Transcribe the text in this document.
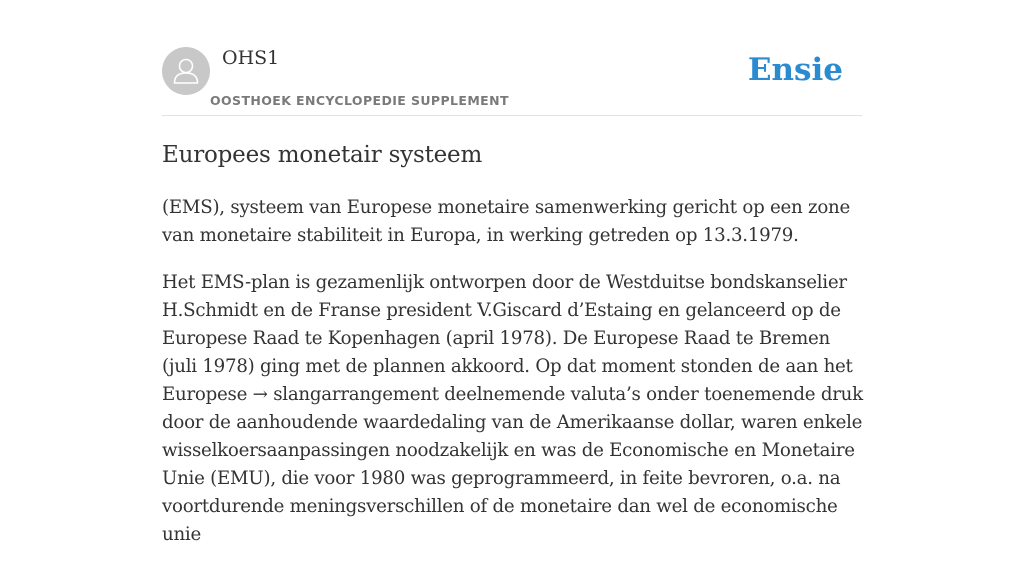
OHS1
OOSTHOEK ENCYCLOPEDIE SUPPLEMENT
Ensie
Europees monetair systeem

(EMS), systeem van Europese monetaire samenwerking gericht op een zone van monetaire stabiliteit in Europa, in werking getreden op 13.3.1979.

Het EMS-plan is gezamenlijk ontworpen door de Westduitse bondskanselier H.Schmidt en de Franse president V.Giscard d’Estaing en gelanceerd op de Europese Raad te Kopenhagen (april 1978). De Europese Raad te Bremen (juli 1978) ging met de plannen akkoord. Op dat moment stonden de aan het Europese → slangarrangement deelnemende valuta’s onder toenemende druk door de aanhoudende waardedaling van de Amerikaanse dollar, waren enkele wisselkoersaanpassingen noodzakelijk en was de Economische en Monetaire Unie (EMU), die voor 1980 was geprogrammeerd, in feite bevroren, o.a. na voortdurende meningsverschillen of de monetaire dan wel de economische unie
